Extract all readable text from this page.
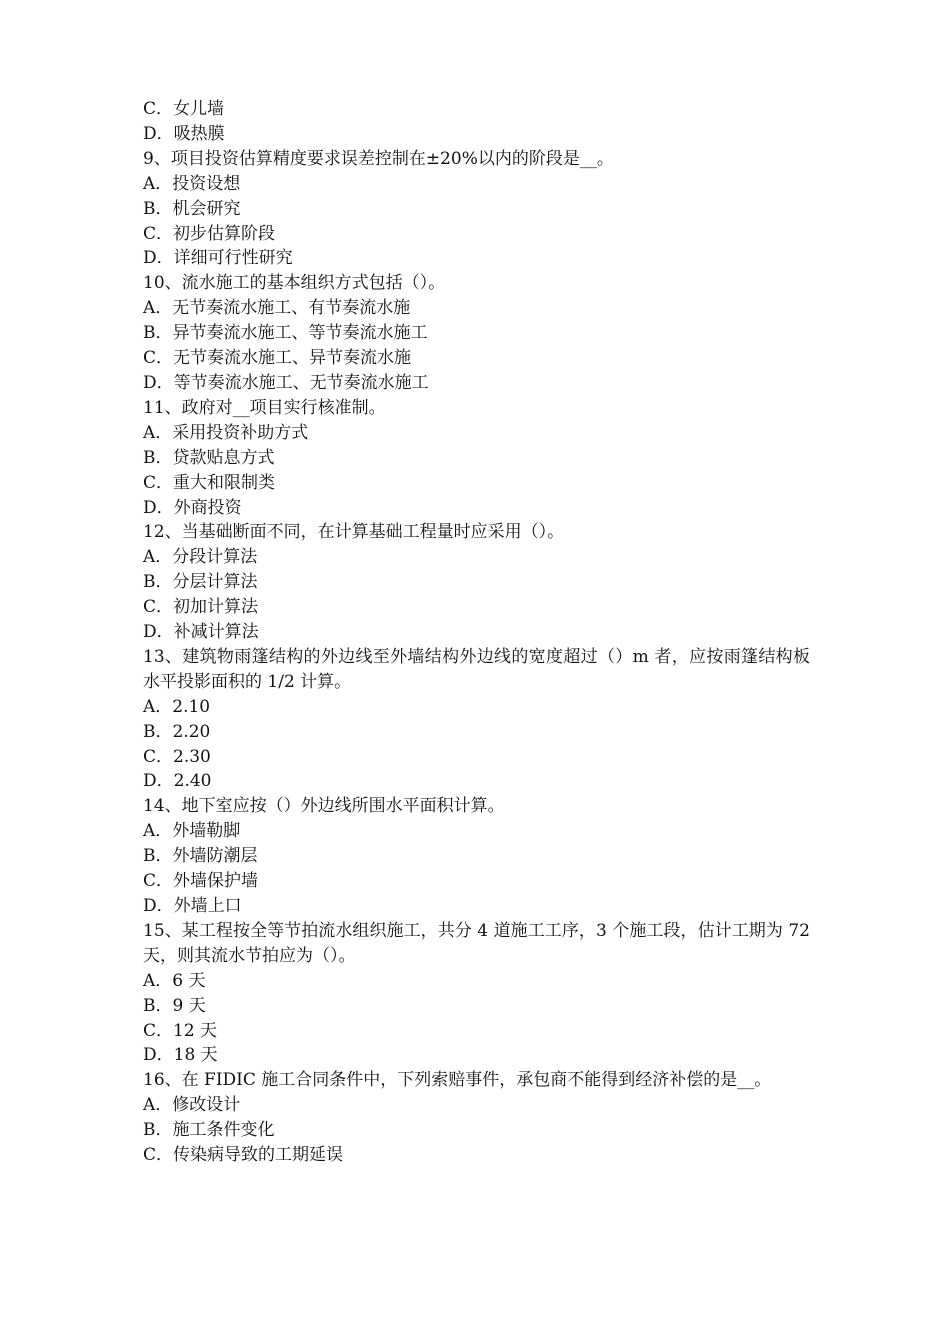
C．女儿墙

D．吸热膜

9、项目投资估算精度要求误差控制在±20%以内的阶段是__。

A．投资设想

B．机会研究

C．初步估算阶段

D．详细可行性研究

10、流水施工的基本组织方式包括（）。

A．无节奏流水施工、有节奏流水施

B．异节奏流水施工、等节奏流水施工

C．无节奏流水施工、异节奏流水施

D．等节奏流水施工、无节奏流水施工

11、政府对__项目实行核准制。

A．采用投资补助方式

B．贷款贴息方式

C．重大和限制类

D．外商投资

12、当基础断面不同，在计算基础工程量时应采用（）。

A．分段计算法

B．分层计算法

C．初加计算法

D．补减计算法

13、建筑物雨篷结构的外边线至外墙结构外边线的宽度超过（）m 者，应按雨篷结构板水平投影面积的 1/2 计算。

A．2.10

B．2.20

C．2.30

D．2.40

14、地下室应按（）外边线所围水平面积计算。

A．外墙勒脚

B．外墙防潮层

C．外墙保护墙

D．外墙上口

15、某工程按全等节拍流水组织施工，共分 4 道施工工序，3 个施工段，估计工期为 72 天，则其流水节拍应为（）。

A．6 天

B．9 天

C．12 天

D．18 天

16、在 FIDIC 施工合同条件中，下列索赔事件，承包商不能得到经济补偿的是__。

A．修改设计

B．施工条件变化

C．传染病导致的工期延误
